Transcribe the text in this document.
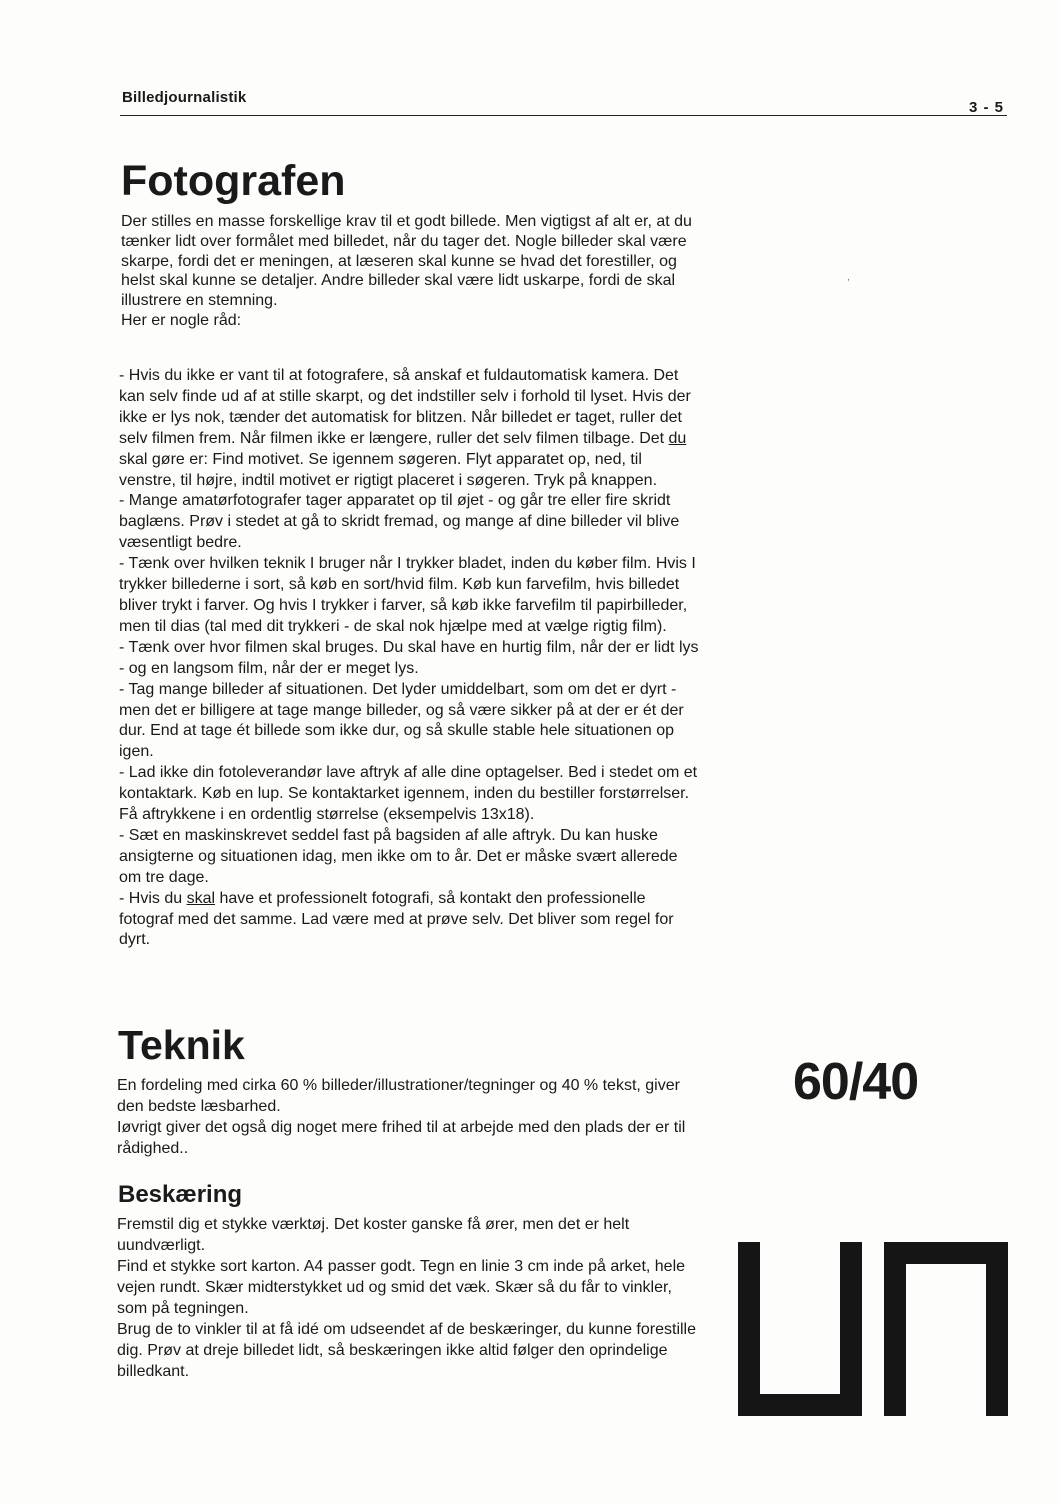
Billedjournalistik
3 - 5
Fotografen

Der stilles en masse forskellige krav til et godt billede. Men vigtigst af alt er, at du tænker lidt over formålet med billedet, når du tager det. Nogle billeder skal være skarpe, fordi det er meningen, at læseren skal kunne se hvad det forestiller, og helst skal kunne se detaljer. Andre billeder skal være lidt uskarpe, fordi de skal illustrere en stemning.

Her er nogle råd:

,

- Hvis du ikke er vant til at fotografere, så anskaf et fuldautomatisk kamera. Det kan selv finde ud af at stille skarpt, og det indstiller selv i forhold til lyset. Hvis der ikke er lys nok, tænder det automatisk for blitzen. Når billedet er taget, ruller det selv filmen frem. Når filmen ikke er længere, ruller det selv filmen tilbage. Det du skal gøre er: Find motivet. Se igennem søgeren. Flyt apparatet op, ned, til venstre, til højre, indtil motivet er rigtigt placeret i søgeren. Tryk på knappen.

- Mange amatørfotografer tager apparatet op til øjet - og går tre eller fire skridt baglæns. Prøv i stedet at gå to skridt fremad, og mange af dine billeder vil blive væsentligt bedre.

- Tænk over hvilken teknik I bruger når I trykker bladet, inden du køber film. Hvis I trykker billederne i sort, så køb en sort/hvid film. Køb kun farvefilm, hvis billedet bliver trykt i farver. Og hvis I trykker i farver, så køb ikke farvefilm til papirbilleder, men til dias (tal med dit trykkeri - de skal nok hjælpe med at vælge rigtig film).

- Tænk over hvor filmen skal bruges. Du skal have en hurtig film, når der er lidt lys - og en langsom film, når der er meget lys.

- Tag mange billeder af situationen. Det lyder umiddelbart, som om det er dyrt - men det er billigere at tage mange billeder, og så være sikker på at der er ét der dur. End at tage ét billede som ikke dur, og så skulle stable hele situationen op igen.

- Lad ikke din fotoleverandør lave aftryk af alle dine optagelser. Bed i stedet om et kontaktark. Køb en lup. Se kontaktarket igennem, inden du bestiller forstørrelser. Få aftrykkene i en ordentlig størrelse (eksempelvis 13x18).

- Sæt en maskinskrevet seddel fast på bagsiden af alle aftryk. Du kan huske ansigterne og situationen idag, men ikke om to år. Det er måske svært allerede om tre dage.

- Hvis du skal have et professionelt fotografi, så kontakt den professionelle fotograf med det samme. Lad være med at prøve selv. Det bliver som regel for dyrt.

Teknik

En fordeling med cirka 60 % billeder/illustrationer/tegninger og 40 % tekst, giver den bedste læsbarhed.

Iøvrigt giver det også dig noget mere frihed til at arbejde med den plads der er til rådighed..

60/40
Beskæring

Fremstil dig et stykke værktøj. Det koster ganske få ører, men det er helt uundværligt.

Find et stykke sort karton. A4 passer godt. Tegn en linie 3 cm inde på arket, hele vejen rundt. Skær midterstykket ud og smid det væk. Skær så du får to vinkler, som på tegningen.

Brug de to vinkler til at få idé om udseendet af de beskæringer, du kunne forestille dig. Prøv at dreje billedet lidt, så beskæringen ikke altid følger den oprindelige billedkant.
